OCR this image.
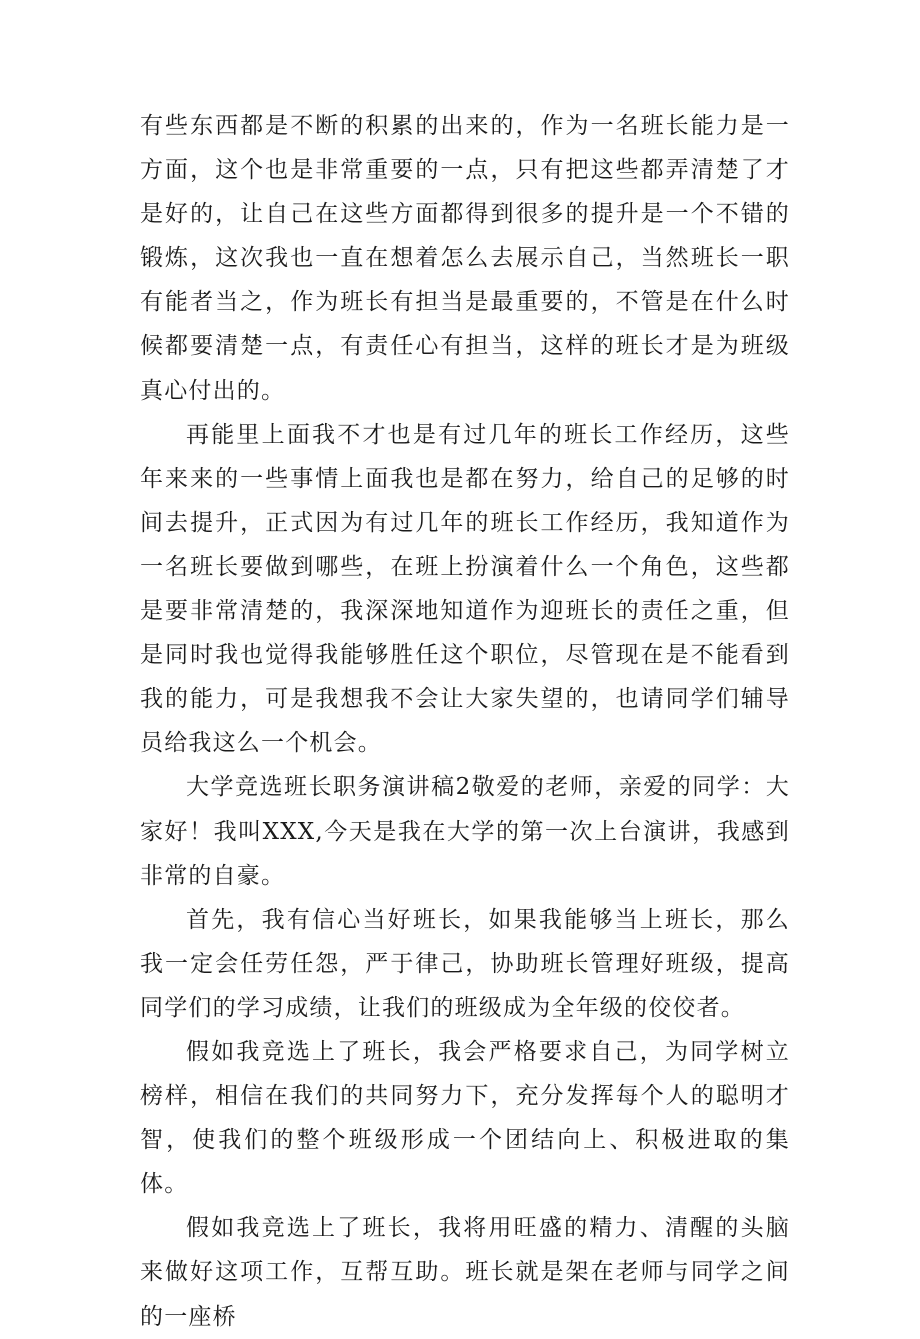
有些东西都是不断的积累的出来的，作为一名班长能力是一方面，这个也是非常重要的一点，只有把这些都弄清楚了才是好的，让自己在这些方面都得到很多的提升是一个不错的锻炼，这次我也一直在想着怎么去展示自己，当然班长一职有能者当之，作为班长有担当是最重要的，不管是在什么时候都要清楚一点，有责任心有担当，这样的班长才是为班级真心付出的。

再能里上面我不才也是有过几年的班长工作经历，这些年来来的一些事情上面我也是都在努力，给自己的足够的时间去提升，正式因为有过几年的班长工作经历，我知道作为一名班长要做到哪些，在班上扮演着什么一个角色，这些都是要非常清楚的，我深深地知道作为迎班长的责任之重，但是同时我也觉得我能够胜任这个职位，尽管现在是不能看到我的能力，可是我想我不会让大家失望的，也请同学们辅导员给我这么一个机会。

大学竞选班长职务演讲稿2敬爱的老师，亲爱的同学：大家好！我叫XXX,今天是我在大学的第一次上台演讲，我感到非常的自豪。

首先，我有信心当好班长，如果我能够当上班长，那么我一定会任劳任怨，严于律己，协助班长管理好班级，提高同学们的学习成绩，让我们的班级成为全年级的佼佼者。

假如我竞选上了班长，我会严格要求自己，为同学树立榜样，相信在我们的共同努力下，充分发挥每个人的聪明才智，使我们的整个班级形成一个团结向上、积极进取的集体。

假如我竞选上了班长，我将用旺盛的精力、清醒的头脑来做好这项工作，互帮互助。班长就是架在老师与同学之间的一座桥
